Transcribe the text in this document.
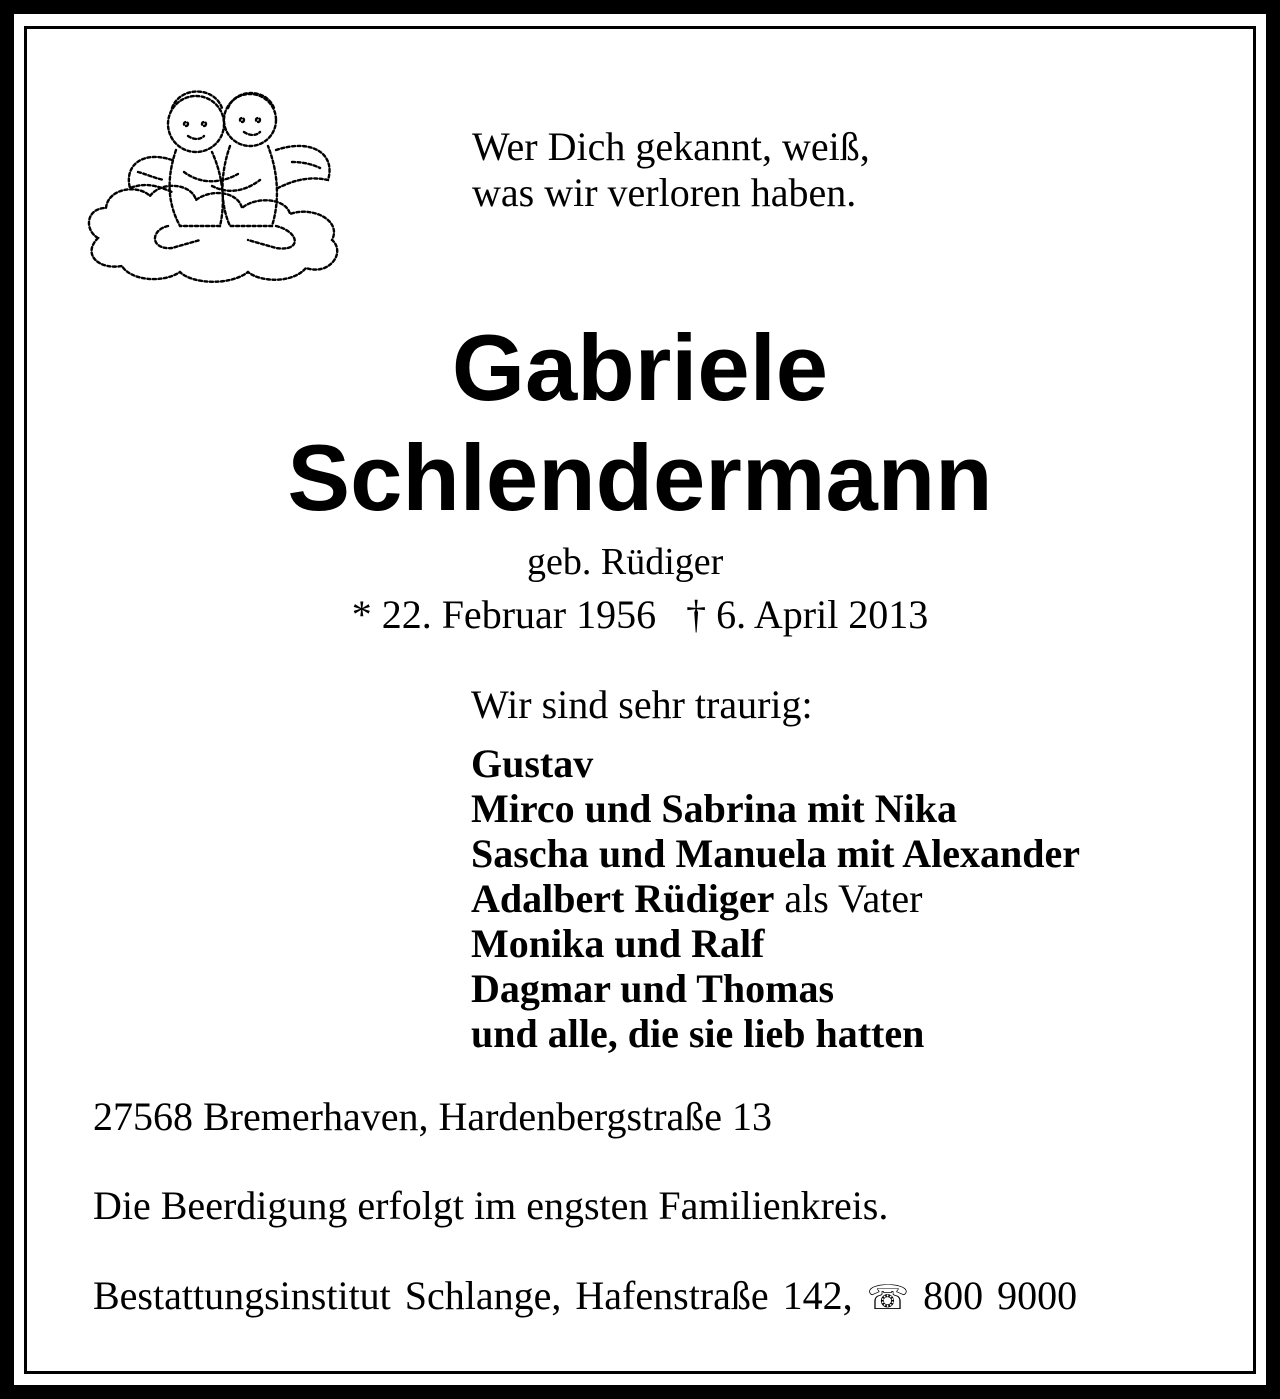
Wer Dich gekannt, weiß,
was wir verloren haben.

Gabriele
Schlendermann
geb. Rüdiger
* 22. Februar 1956   † 6. April 2013
Wir sind sehr traurig:
Gustav
Mirco und Sabrina mit Nika
Sascha und Manuela mit Alexander
Adalbert Rüdiger als Vater
Monika und Ralf
Dagmar und Thomas
und alle, die sie lieb hatten
27568 Bremerhaven, Hardenbergstraße 13
Die Beerdigung erfolgt im engsten Familienkreis.
Bestattungsinstitut Schlange, Hafenstraße 142, ☏ 800 9000
